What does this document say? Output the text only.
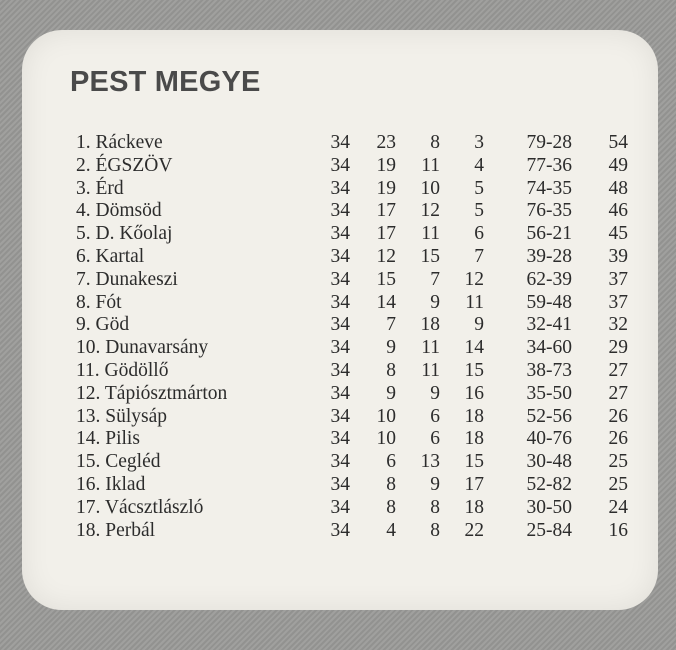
PEST MEGYE
1. Ráckeve	34	23	8	3	79-28	54
2. ÉGSZÖV	34	19	11	4	77-36	49
3. Érd	34	19	10	5	74-35	48
4. Dömsöd	34	17	12	5	76-35	46
5. D. Kőolaj	34	17	11	6	56-21	45
6. Kartal	34	12	15	7	39-28	39
7. Dunakeszi	34	15	7	12	62-39	37
8. Fót	34	14	9	11	59-48	37
9. Göd	34	7	18	9	32-41	32
10. Dunavarsány	34	9	11	14	34-60	29
11. Gödöllő	34	8	11	15	38-73	27
12. Tápiósztmárton	34	9	9	16	35-50	27
13. Sülysáp	34	10	6	18	52-56	26
14. Pilis	34	10	6	18	40-76	26
15. Cegléd	34	6	13	15	30-48	25
16. Iklad	34	8	9	17	52-82	25
17. Vácsztlászló	34	8	8	18	30-50	24
18. Perbál	34	4	8	22	25-84	16
